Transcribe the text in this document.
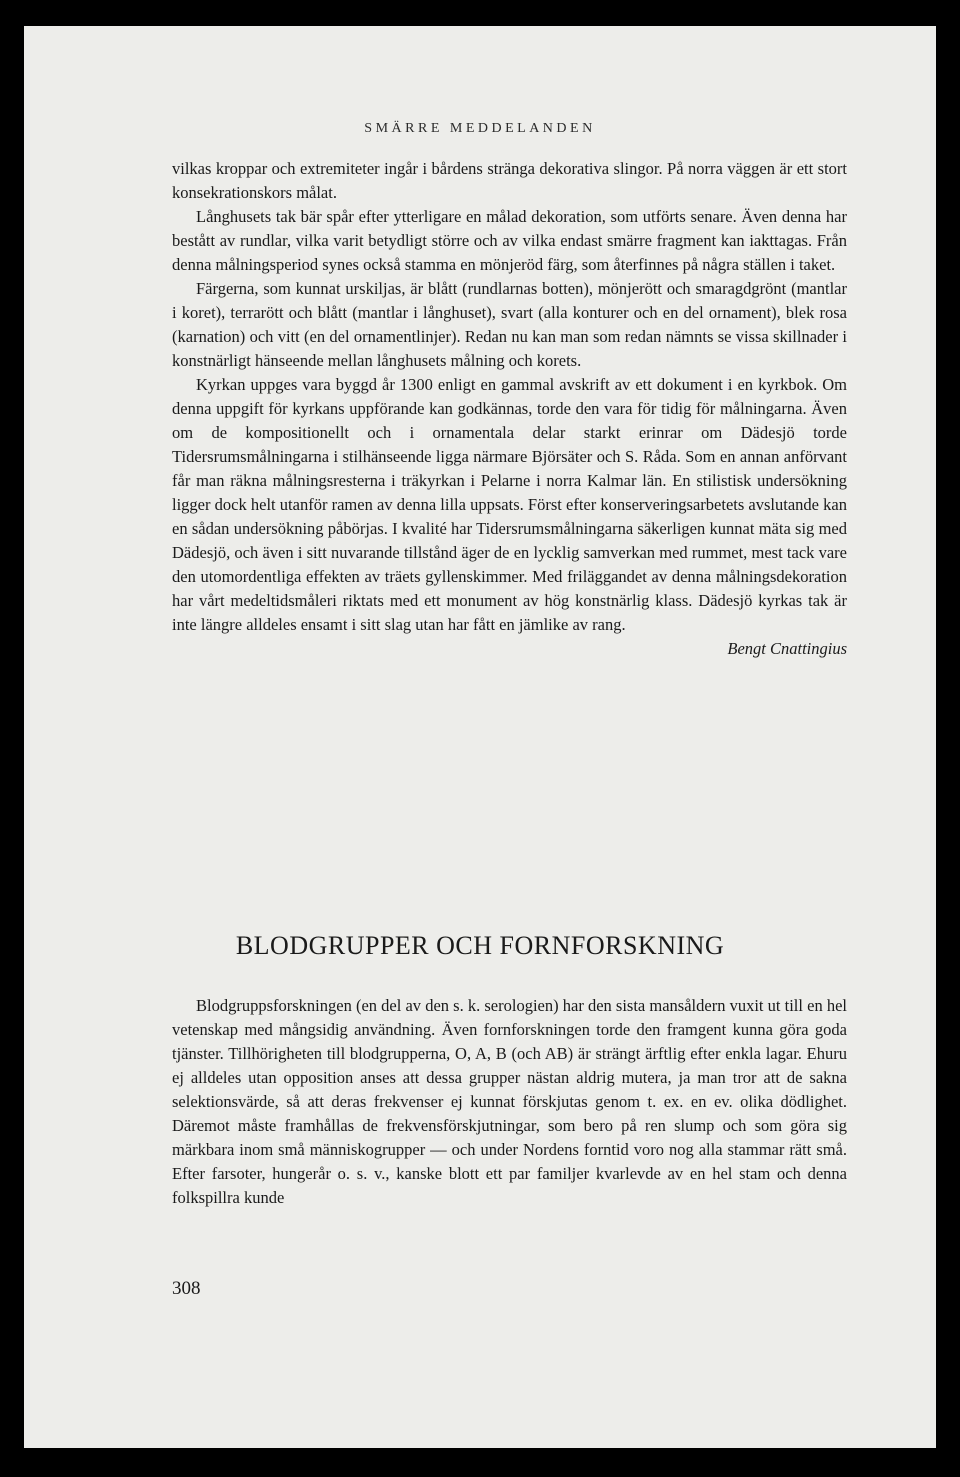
SMÄRRE MEDDELANDEN

vilkas kroppar och extremiteter ingår i bårdens stränga dekorativa slingor. På norra väggen är ett stort konsekrationskors målat.

Långhusets tak bär spår efter ytterligare en målad dekoration, som utförts senare. Även denna har bestått av rundlar, vilka varit betydligt större och av vilka endast smärre fragment kan iakttagas. Från denna målningsperiod synes också stamma en mönjeröd färg, som återfinnes på några ställen i taket.

Färgerna, som kunnat urskiljas, är blått (rundlarnas botten), mönjerött och smaragdgrönt (mantlar i koret), terrarött och blått (mantlar i långhuset), svart (alla konturer och en del ornament), blek rosa (karnation) och vitt (en del ornamentlinjer). Redan nu kan man som redan nämnts se vissa skillnader i konstnärligt hänseende mellan långhusets målning och korets.

Kyrkan uppges vara byggd år 1300 enligt en gammal avskrift av ett dokument i en kyrkbok. Om denna uppgift för kyrkans uppförande kan godkännas, torde den vara för tidig för målningarna. Även om de kompositionellt och i ornamentala delar starkt erinrar om Dädesjö torde Tidersrumsmålningarna i stilhänseende ligga närmare Björsäter och S. Råda. Som en annan anförvant får man räkna målningsresterna i träkyrkan i Pelarne i norra Kalmar län. En stilistisk undersökning ligger dock helt utanför ramen av denna lilla uppsats. Först efter konserveringsarbetets avslutande kan en sådan undersökning påbörjas. I kvalité har Tidersrumsmålningarna säkerligen kunnat mäta sig med Dädesjö, och även i sitt nuvarande tillstånd äger de en lycklig samverkan med rummet, mest tack vare den utomordentliga effekten av träets gyllenskimmer. Med friläggandet av denna målningsdekoration har vårt medeltidsmåleri riktats med ett monument av hög konstnärlig klass. Dädesjö kyrkas tak är inte längre alldeles ensamt i sitt slag utan har fått en jämlike av rang.

Bengt Cnattingius

BLODGRUPPER OCH FORNFORSKNING

Blodgruppsforskningen (en del av den s. k. serologien) har den sista mansåldern vuxit ut till en hel vetenskap med mångsidig användning. Även fornforskningen torde den framgent kunna göra goda tjänster. Tillhörigheten till blodgrupperna, O, A, B (och AB) är strängt ärftlig efter enkla lagar. Ehuru ej alldeles utan opposition anses att dessa grupper nästan aldrig mutera, ja man tror att de sakna selektionsvärde, så att deras frekvenser ej kunnat förskjutas genom t. ex. en ev. olika dödlighet. Däremot måste framhållas de frekvensförskjutningar, som bero på ren slump och som göra sig märkbara inom små människogrupper — och under Nordens forntid voro nog alla stammar rätt små. Efter farsoter, hungerår o. s. v., kanske blott ett par familjer kvarlevde av en hel stam och denna folkspillra kunde

308
